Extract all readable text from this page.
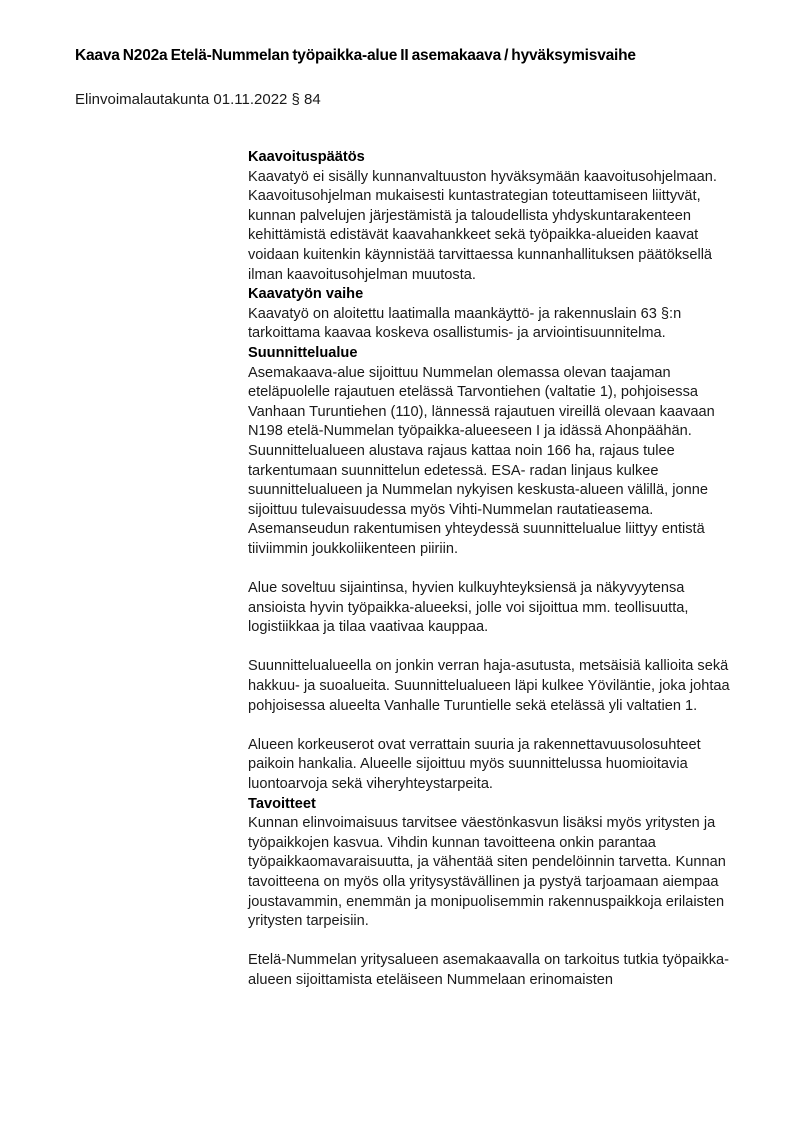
Kaava N202a Etelä-Nummelan työpaikka-alue II asemakaava / hyväksymisvaihe

Elinvoimalautakunta 01.11.2022 § 84

Kaavoituspäätös

Kaavatyö ei sisälly kunnanvaltuuston hyväksymään kaavoitusohjelmaan. Kaavoitusohjelman mukaisesti kuntastrategian toteuttamiseen liittyvät, kunnan palvelujen järjestämistä ja taloudellista yhdyskuntarakenteen kehittämistä edistävät kaavahankkeet sekä työpaikka-alueiden kaavat voidaan kuitenkin käynnistää tarvittaessa kunnanhallituksen päätöksellä ilman kaavoitusohjelman muutosta.

Kaavatyön vaihe

Kaavatyö on aloitettu laatimalla maankäyttö- ja rakennuslain 63 §:n tarkoittama kaavaa koskeva osallistumis- ja arviointisuunnitelma.

Suunnittelualue

Asemakaava-alue sijoittuu Nummelan olemassa olevan taajaman eteläpuolelle rajautuen etelässä Tarvontiehen (valtatie 1), pohjoisessa Vanhaan Turuntiehen (110), lännessä rajautuen vireillä olevaan kaavaan N198 etelä-Nummelan työpaikka-alueeseen I ja idässä Ahonpäähän. Suunnittelualueen alustava rajaus kattaa noin 166 ha, rajaus tulee tarkentumaan suunnittelun edetessä. ESA- radan linjaus kulkee suunnittelualueen ja Nummelan nykyisen keskusta-alueen välillä, jonne sijoittuu tulevaisuudessa myös Vihti-Nummelan rautatieasema. Asemanseudun rakentumisen yhteydessä suunnittelualue liittyy entistä tiiviimmin joukkoliikenteen piiriin.

Alue soveltuu sijaintinsa, hyvien kulkuyhteyksiensä ja näkyvyytensa ansioista hyvin työpaikka-alueeksi, jolle voi sijoittua mm. teollisuutta, logistiikkaa ja tilaa vaativaa kauppaa.

Suunnittelualueella on jonkin verran haja-asutusta, metsäisiä kallioita sekä hakkuu- ja suoalueita. Suunnittelualueen läpi kulkee Yöviläntie, joka johtaa pohjoisessa alueelta Vanhalle Turuntielle sekä etelässä yli valtatien 1.

Alueen korkeuserot ovat verrattain suuria ja rakennettavuusolosuhteet paikoin hankalia. Alueelle sijoittuu myös suunnittelussa huomioitavia luontoarvoja sekä viheryhteystarpeita.

Tavoitteet

Kunnan elinvoimaisuus tarvitsee väestönkasvun lisäksi myös yritysten ja työpaikkojen kasvua. Vihdin kunnan tavoitteena onkin parantaa työpaikkaomavaraisuutta, ja vähentää siten pendelöinnin tarvetta. Kunnan tavoitteena on myös olla yritysystävällinen ja pystyä tarjoamaan aiempaa joustavammin, enemmän ja monipuolisemmin rakennuspaikkoja erilaisten yritysten tarpeisiin.

Etelä-Nummelan yritysalueen asemakaavalla on tarkoitus tutkia työpaikka-alueen sijoittamista eteläiseen Nummelaan erinomaisten
